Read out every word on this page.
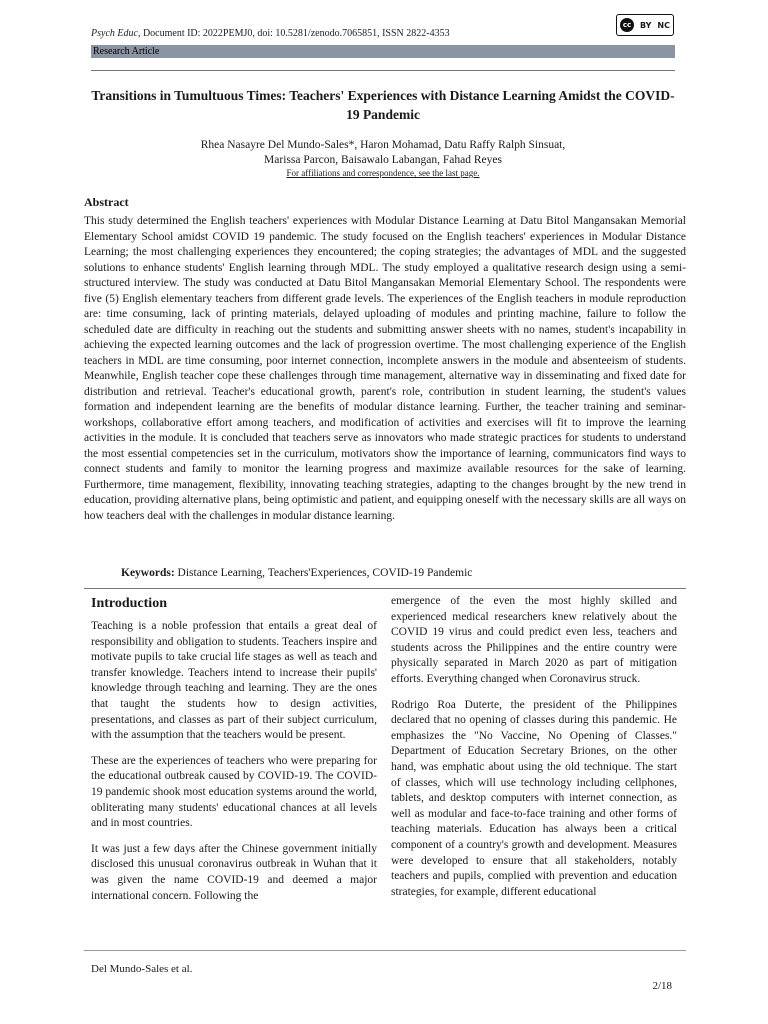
Psych Educ, Document ID: 2022PEMJ0, doi: 10.5281/zenodo.7065851, ISSN 2822-4353
cc	BY NC
Research Article
Transitions in Tumultuous Times: Teachers' Experiences with Distance Learning Amidst the COVID-19 Pandemic
Rhea Nasayre Del Mundo-Sales*, Haron Mohamad, Datu Raffy Ralph Sinsuat,
Marissa Parcon, Baisawalo Labangan, Fahad Reyes
For affiliations and correspondence, see the last page.
Abstract

This study determined the English teachers' experiences with Modular Distance Learning at Datu Bitol Mangansakan Memorial Elementary School amidst COVID 19 pandemic. The study focused on the English teachers' experiences in Modular Distance Learning; the most challenging experiences they encountered; the coping strategies; the advantages of MDL and the suggested solutions to enhance students' English learning through MDL. The study employed a qualitative research design using a semi-structured interview. The study was conducted at Datu Bitol Mangansakan Memorial Elementary School. The respondents were five (5) English elementary teachers from different grade levels. The experiences of the English teachers in module reproduction are: time consuming, lack of printing materials, delayed uploading of modules and printing machine, failure to follow the scheduled date are difficulty in reaching out the students and submitting answer sheets with no names, student's incapability in achieving the expected learning outcomes and the lack of progression overtime. The most challenging experience of the English teachers in MDL are time consuming, poor internet connection, incomplete answers in the module and absenteeism of students. Meanwhile, English teacher cope these challenges through time management, alternative way in disseminating and fixed date for distribution and retrieval. Teacher's educational growth, parent's role, contribution in student learning, the student's values formation and independent learning are the benefits of modular distance learning. Further, the teacher training and seminar-workshops, collaborative effort among teachers, and modification of activities and exercises will fit to improve the learning activities in the module. It is concluded that teachers serve as innovators who made strategic practices for students to understand the most essential competencies set in the curriculum, motivators show the importance of learning, communicators find ways to connect students and family to monitor the learning progress and maximize available resources for the sake of learning. Furthermore, time management, flexibility, innovating teaching strategies, adapting to the changes brought by the new trend in education, providing alternative plans, being optimistic and patient, and equipping oneself with the necessary skills are all ways on how teachers deal with the challenges in modular distance learning.

Keywords: Distance Learning, Teachers'Experiences, COVID-19 Pandemic
Introduction

Teaching is a noble profession that entails a great deal of responsibility and obligation to students. Teachers inspire and motivate pupils to take crucial life stages as well as teach and transfer knowledge. Teachers intend to increase their pupils' knowledge through teaching and learning. They are the ones that taught the students how to design activities, presentations, and classes as part of their subject curriculum, with the assumption that the teachers would be present.

These are the experiences of teachers who were preparing for the educational outbreak caused by COVID-19. The COVID-19 pandemic shook most education systems around the world, obliterating many students' educational chances at all levels and in most countries.

It was just a few days after the Chinese government initially disclosed this unusual coronavirus outbreak in Wuhan that it was given the name COVID-19 and deemed a major international concern. Following the

emergence of the even the most highly skilled and experienced medical researchers knew relatively about the COVID 19 virus and could predict even less, teachers and students across the Philippines and the entire country were physically separated in March 2020 as part of mitigation efforts. Everything changed when Coronavirus struck.

Rodrigo Roa Duterte, the president of the Philippines declared that no opening of classes during this pandemic. He emphasizes the "No Vaccine, No Opening of Classes." Department of Education Secretary Briones, on the other hand, was emphatic about using the old technique. The start of classes, which will use technology including cellphones, tablets, and desktop computers with internet connection, as well as modular and face-to-face training and other forms of teaching materials. Education has always been a critical component of a country's growth and development. Measures were developed to ensure that all stakeholders, notably teachers and pupils, complied with prevention and education strategies, for example, different educational

Del Mundo-Sales et al.
2/18
